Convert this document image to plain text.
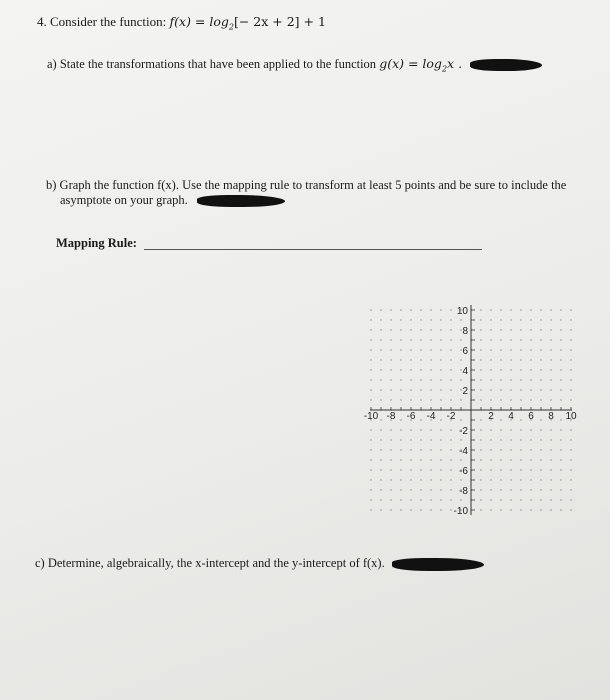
4. Consider the function: $f(x) = \log_2[- 2x + 2] + 1$
a) State the transformations that have been applied to the function $g(x) = \log_2x$ .
b) Graph the function f(x). Use the mapping rule to transform at least 5 points and be sure to include the
asymptote on your graph.
Mapping Rule:
-10 -8 -6 -4 -2	2 4 6 8 10
10
8
6
4
2
-2
-4
-6
-8
-10
c) Determine, algebraically, the x-intercept and the y-intercept of f(x).
